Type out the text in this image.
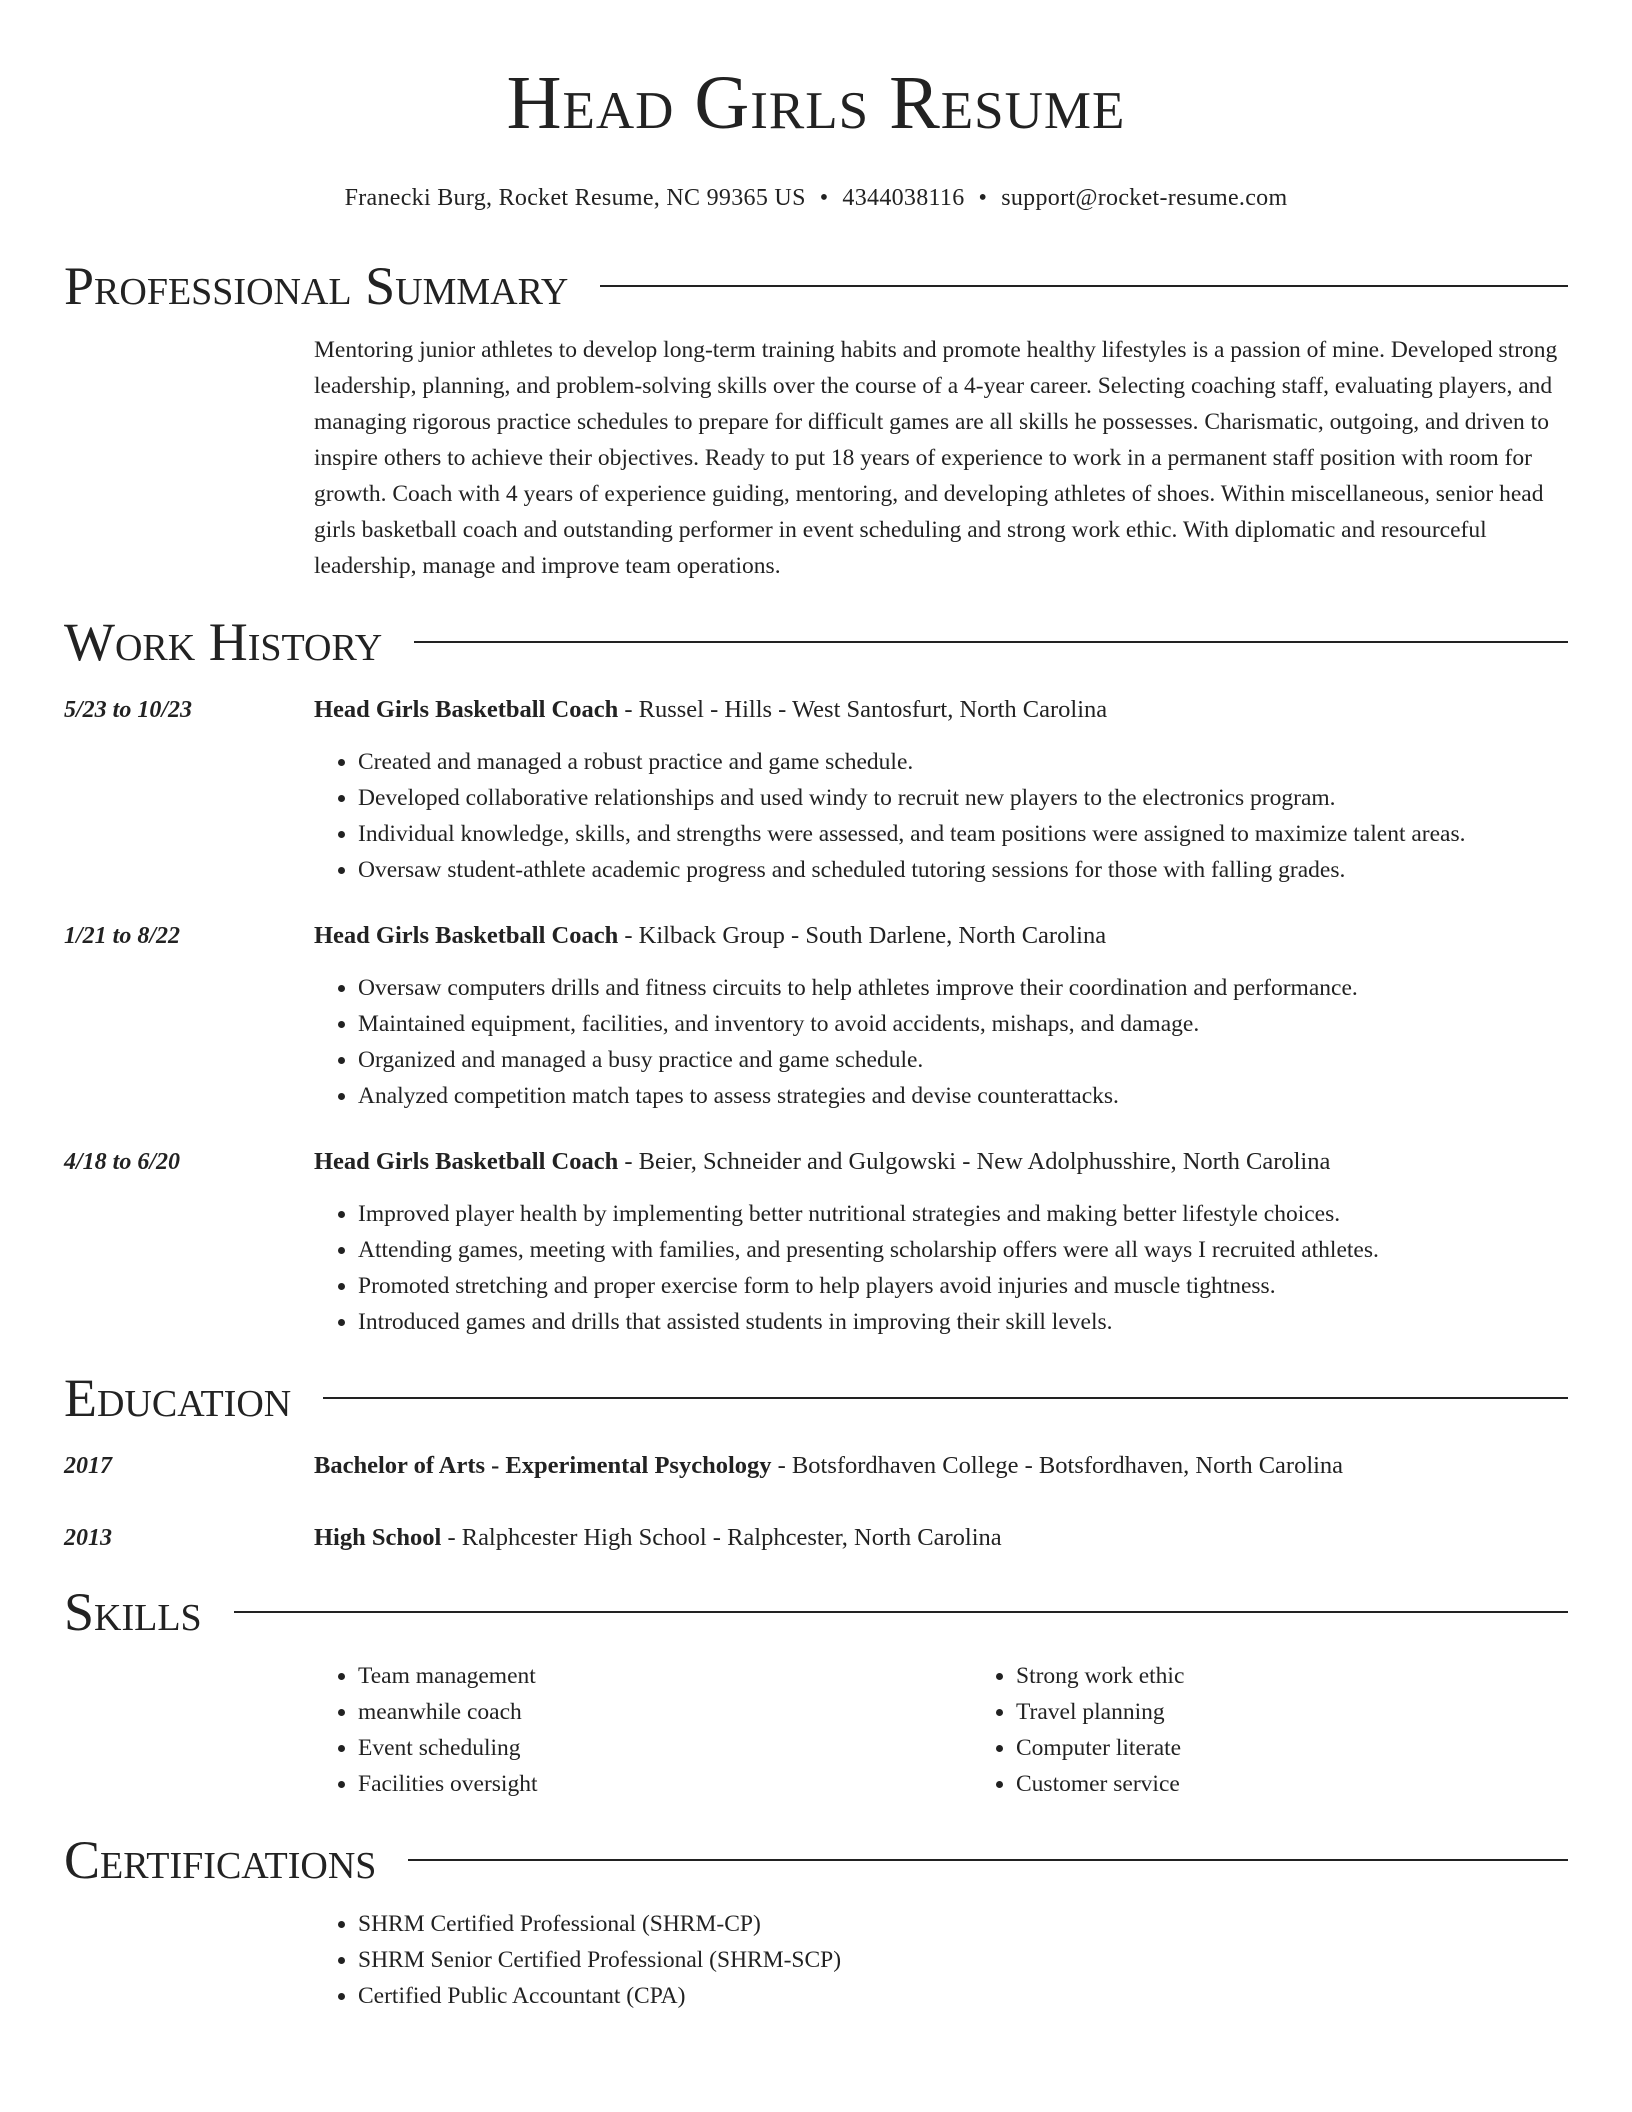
Head Girls Resume
Franecki Burg, Rocket Resume, NC 99365 US • 4344038116 • support@rocket-resume.com
Professional Summary
Mentoring junior athletes to develop long-term training habits and promote healthy lifestyles is a passion of mine. Developed strong leadership, planning, and problem-solving skills over the course of a 4-year career. Selecting coaching staff, evaluating players, and managing rigorous practice schedules to prepare for difficult games are all skills he possesses. Charismatic, outgoing, and driven to inspire others to achieve their objectives. Ready to put 18 years of experience to work in a permanent staff position with room for growth. Coach with 4 years of experience guiding, mentoring, and developing athletes of shoes. Within miscellaneous, senior head girls basketball coach and outstanding performer in event scheduling and strong work ethic. With diplomatic and resourceful leadership, manage and improve team operations.
Work History
5/23 to 10/23	Head Girls Basketball Coach - Russel - Hills - West Santosfurt, North Carolina
• Created and managed a robust practice and game schedule.
• Developed collaborative relationships and used windy to recruit new players to the electronics program.
• Individual knowledge, skills, and strengths were assessed, and team positions were assigned to maximize talent areas.
• Oversaw student-athlete academic progress and scheduled tutoring sessions for those with falling grades.
1/21 to 8/22	Head Girls Basketball Coach - Kilback Group - South Darlene, North Carolina
• Oversaw computers drills and fitness circuits to help athletes improve their coordination and performance.
• Maintained equipment, facilities, and inventory to avoid accidents, mishaps, and damage.
• Organized and managed a busy practice and game schedule.
• Analyzed competition match tapes to assess strategies and devise counterattacks.
4/18 to 6/20	Head Girls Basketball Coach - Beier, Schneider and Gulgowski - New Adolphusshire, North Carolina
• Improved player health by implementing better nutritional strategies and making better lifestyle choices.
• Attending games, meeting with families, and presenting scholarship offers were all ways I recruited athletes.
• Promoted stretching and proper exercise form to help players avoid injuries and muscle tightness.
• Introduced games and drills that assisted students in improving their skill levels.
Education
2017	Bachelor of Arts - Experimental Psychology - Botsfordhaven College - Botsfordhaven, North Carolina
2013	High School - Ralphcester High School - Ralphcester, North Carolina
Skills
• Team management
• meanwhile coach
• Event scheduling
• Facilities oversight
• Strong work ethic
• Travel planning
• Computer literate
• Customer service
Certifications
• SHRM Certified Professional (SHRM-CP)
• SHRM Senior Certified Professional (SHRM-SCP)
• Certified Public Accountant (CPA)
